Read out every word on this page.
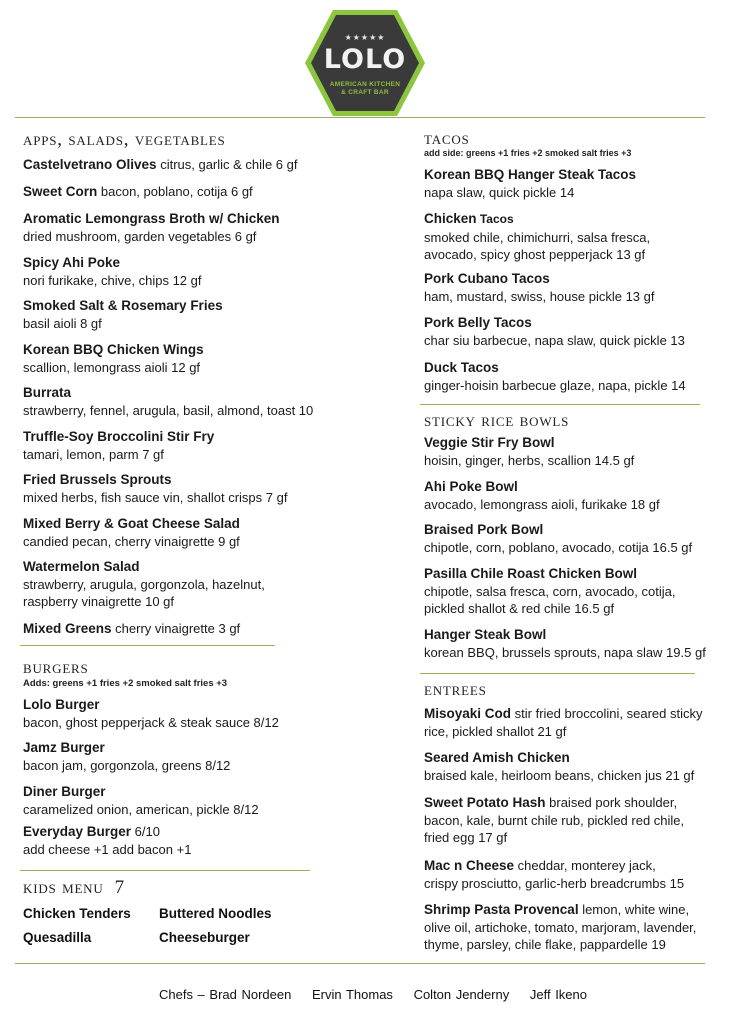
★★★★★
LOLO
AMERICAN KITCHEN
& CRAFT BAR
apps, salads, vegetables
Castelvetrano Olives citrus, garlic & chile 6 gf
Sweet Corn bacon, poblano, cotija 6 gf
Aromatic Lemongrass Broth w/ Chicken
dried mushroom, garden vegetables 6 gf
Spicy Ahi Poke
nori furikake, chive, chips 12 gf
Smoked Salt & Rosemary Fries
basil aioli 8 gf
Korean BBQ Chicken Wings
scallion, lemongrass aioli 12 gf
Burrata
strawberry, fennel, arugula, basil, almond, toast 10
Truffle-Soy Broccolini Stir Fry
tamari, lemon, parm 7 gf
Fried Brussels Sprouts
mixed herbs, fish sauce vin, shallot crisps 7 gf
Mixed Berry & Goat Cheese Salad
candied pecan, cherry vinaigrette 9 gf
Watermelon Salad
strawberry, arugula, gorgonzola, hazelnut,
raspberry vinaigrette 10 gf
Mixed Greens cherry vinaigrette 3 gf
burgers
Adds: greens +1 fries +2 smoked salt fries +3
Lolo Burger
bacon, ghost pepperjack & steak sauce 8/12
Jamz Burger
bacon jam, gorgonzola, greens 8/12
Diner Burger
caramelized onion, american, pickle 8/12
Everyday Burger 6/10
add cheese +1 add bacon +1
kids menu  7
Chicken Tenders Buttered Noodles
Quesadilla	Cheeseburger
tacos
add side: greens +1 fries +2 smoked salt fries +3
Korean BBQ Hanger Steak Tacos
napa slaw, quick pickle 14
Chicken Tacos
smoked chile, chimichurri, salsa fresca,
avocado, spicy ghost pepperjack 13 gf
Pork Cubano Tacos
ham, mustard, swiss, house pickle 13 gf
Pork Belly Tacos
char siu barbecue, napa slaw, quick pickle 13
Duck Tacos
ginger-hoisin barbecue glaze, napa, pickle 14
sticky rice bowls
Veggie Stir Fry Bowl
hoisin, ginger, herbs, scallion 14.5 gf
Ahi Poke Bowl
avocado, lemongrass aioli, furikake 18 gf
Braised Pork Bowl
chipotle, corn, poblano, avocado, cotija 16.5 gf
Pasilla Chile Roast Chicken Bowl
chipotle, salsa fresca, corn, avocado, cotija,
pickled shallot & red chile 16.5 gf
Hanger Steak Bowl
korean BBQ, brussels sprouts, napa slaw 19.5 gf
entrees
Misoyaki Cod stir fried broccolini, seared sticky
rice, pickled shallot 21 gf
Seared Amish Chicken
braised kale, heirloom beans, chicken jus 21 gf
Sweet Potato Hash braised pork shoulder,
bacon, kale, burnt chile rub, pickled red chile,
fried egg 17 gf
Mac n Cheese cheddar, monterey jack,
crispy prosciutto, garlic-herb breadcrumbs 15
Shrimp Pasta Provencal lemon, white wine,
olive oil, artichoke, tomato, marjoram, lavender,
thyme, parsley, chile flake, pappardelle 19
Chefs – Brad Nordeen Ervin Thomas Colton Jenderny Jeff Ikeno
